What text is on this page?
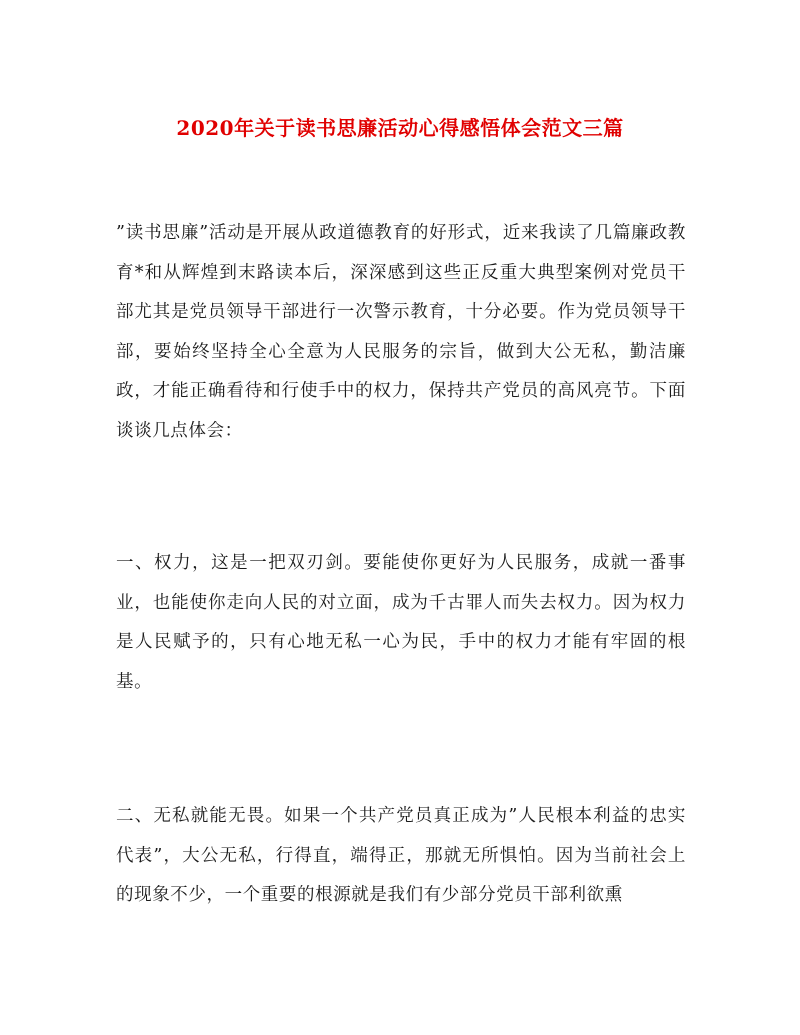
2020年关于读书思廉活动心得感悟体会范文三篇

”读书思廉”活动是开展从政道德教育的好形式，近来我读了几篇廉政教育*和从辉煌到末路读本后，深深感到这些正反重大典型案例对党员干部尤其是党员领导干部进行一次警示教育，十分必要。作为党员领导干部，要始终坚持全心全意为人民服务的宗旨，做到大公无私，勤洁廉政，才能正确看待和行使手中的权力，保持共产党员的高风亮节。下面谈谈几点体会：

一、权力，这是一把双刃剑。要能使你更好为人民服务，成就一番事业，也能使你走向人民的对立面，成为千古罪人而失去权力。因为权力是人民赋予的，只有心地无私一心为民，手中的权力才能有牢固的根基。

二、无私就能无畏。如果一个共产党员真正成为”人民根本利益的忠实代表”，大公无私，行得直，端得正，那就无所惧怕。因为当前社会上的现象不少，一个重要的根源就是我们有少部分党员干部利欲熏
